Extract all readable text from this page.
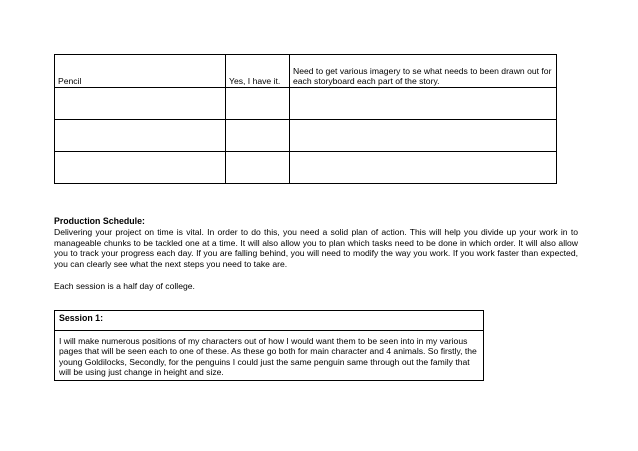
Pencil	Yes, I have it.	Need to get various imagery to se what needs to been drawn out for each storyboard each part of the story.

Production Schedule:

Delivering your project on time is vital. In order to do this, you need a solid plan of action. This will help you divide up your work in to manageable chunks to be tackled one at a time. It will also allow you to plan which tasks need to be done in which order. It will also allow you to track your progress each day. If you are falling behind, you will need to modify the way you work. If you work faster than expected, you can clearly see what the next steps you need to take are.

Each session is a half day of college.

Session 1:
I will make numerous positions of my characters out of how I would want them to be seen into in my various pages that will be seen each to one of these. As these go both for main character and 4 animals. So firstly, the young Goldilocks, Secondly, for the penguins I could just the same penguin same through out the family that will be using just change in height and size.
